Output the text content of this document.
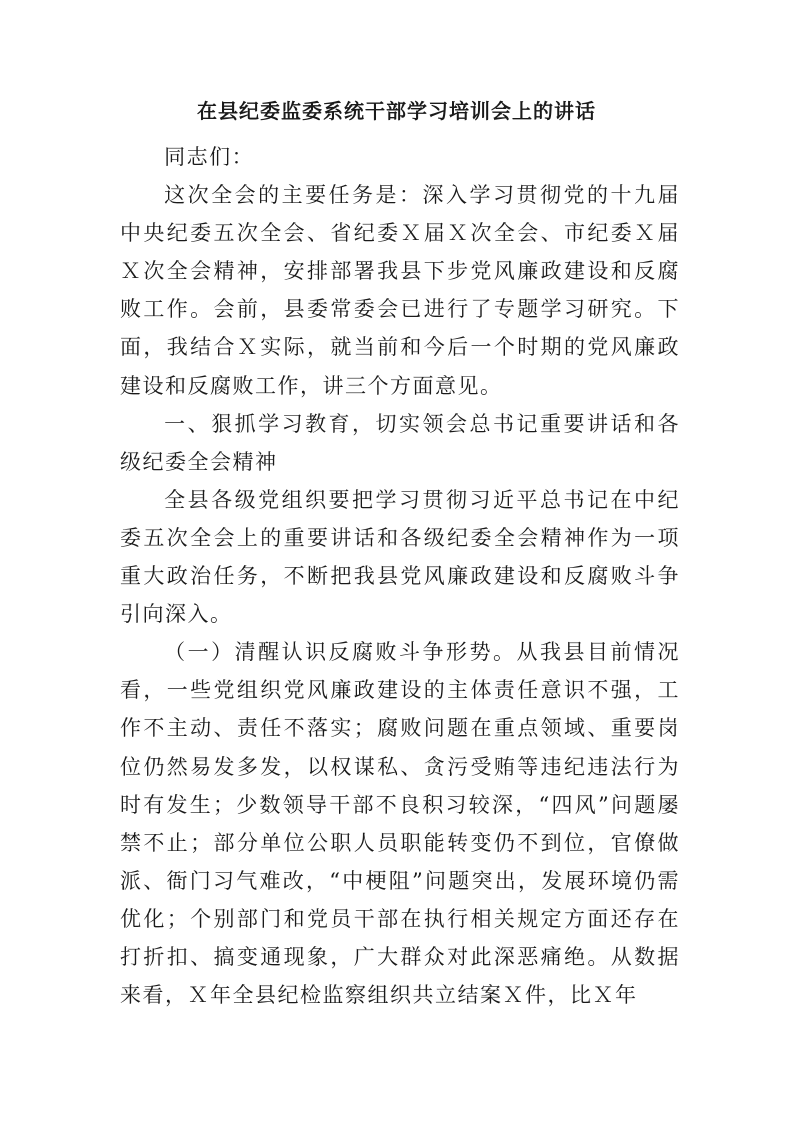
在县纪委监委系统干部学习培训会上的讲话

同志们：

这次全会的主要任务是：深入学习贯彻党的十九届中央纪委五次全会、省纪委Ｘ届Ｘ次全会、市纪委Ｘ届Ｘ次全会精神，安排部署我县下步党风廉政建设和反腐败工作。会前，县委常委会已进行了专题学习研究。下面，我结合Ｘ实际，就当前和今后一个时期的党风廉政建设和反腐败工作，讲三个方面意见。

一、狠抓学习教育，切实领会总书记重要讲话和各级纪委全会精神

全县各级党组织要把学习贯彻习近平总书记在中纪委五次全会上的重要讲话和各级纪委全会精神作为一项重大政治任务，不断把我县党风廉政建设和反腐败斗争引向深入。

（一）清醒认识反腐败斗争形势。从我县目前情况看，一些党组织党风廉政建设的主体责任意识不强，工作不主动、责任不落实；腐败问题在重点领域、重要岗位仍然易发多发，以权谋私、贪污受贿等违纪违法行为时有发生；少数领导干部不良积习较深，“四风”问题屡禁不止；部分单位公职人员职能转变仍不到位，官僚做派、衙门习气难改，“中梗阻”问题突出，发展环境仍需优化；个别部门和党员干部在执行相关规定方面还存在打折扣、搞变通现象，广大群众对此深恶痛绝。从数据来看，Ｘ年全县纪检监察组织共立结案Ｘ件，比Ｘ年
